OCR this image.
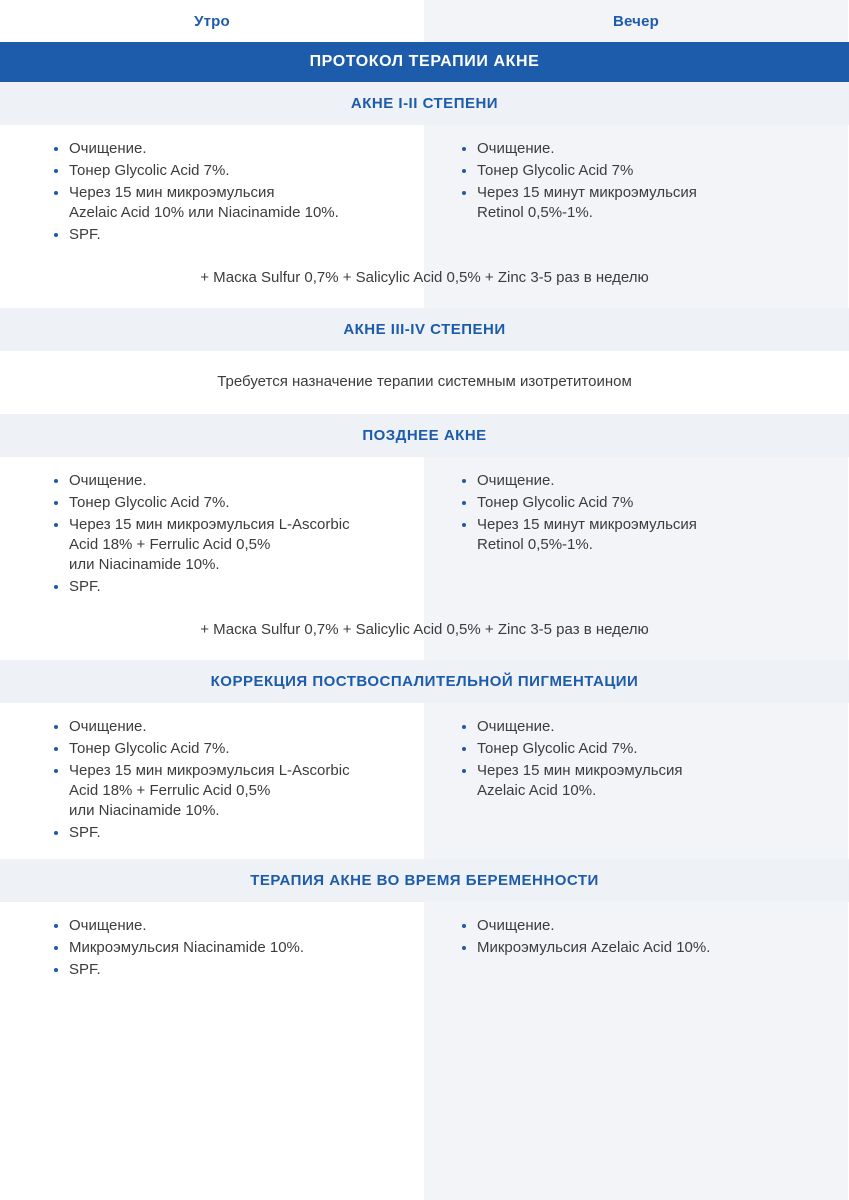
Утро	Вечер
ПРОТОКОЛ ТЕРАПИИ АКНЕ
АКНЕ I-II СТЕПЕНИ
Очищение.
Тонер Glycolic Acid 7%.
Через 15 мин микроэмульсия
Azelaic Acid 10% или Niacinamide 10%.
SPF.
Очищение.
Тонер Glycolic Acid 7%
Через 15 минут микроэмульсия
Retinol 0,5%-1%.
+ Маска Sulfur 0,7% + Salicylic Acid 0,5% + Zinc 3-5 раз в неделю
АКНЕ III-IV СТЕПЕНИ
Требуется назначение терапии системным изотретитоином
ПОЗДНЕЕ АКНЕ
Очищение.
Тонер Glycolic Acid 7%.
Через 15 мин микроэмульсия L-Ascorbic
Acid 18% + Ferrulic Acid 0,5%
или Niacinamide 10%.
SPF.
Очищение.
Тонер Glycolic Acid 7%
Через 15 минут микроэмульсия
Retinol 0,5%-1%.
+ Маска Sulfur 0,7% + Salicylic Acid 0,5% + Zinc 3-5 раз в неделю
КОРРЕКЦИЯ ПОСТВОСПАЛИТЕЛЬНОЙ ПИГМЕНТАЦИИ
Очищение.
Тонер Glycolic Acid 7%.
Через 15 мин микроэмульсия L-Ascorbic
Acid 18% + Ferrulic Acid 0,5%
или Niacinamide 10%.
SPF.
Очищение.
Тонер Glycolic Acid 7%.
Через 15 мин микроэмульсия
Azelaic Acid 10%.
ТЕРАПИЯ АКНЕ ВО ВРЕМЯ БЕРЕМЕННОСТИ
Очищение.
Микроэмульсия Niacinamide 10%.
SPF.
Очищение.
Микроэмульсия Azelaic Acid 10%.
